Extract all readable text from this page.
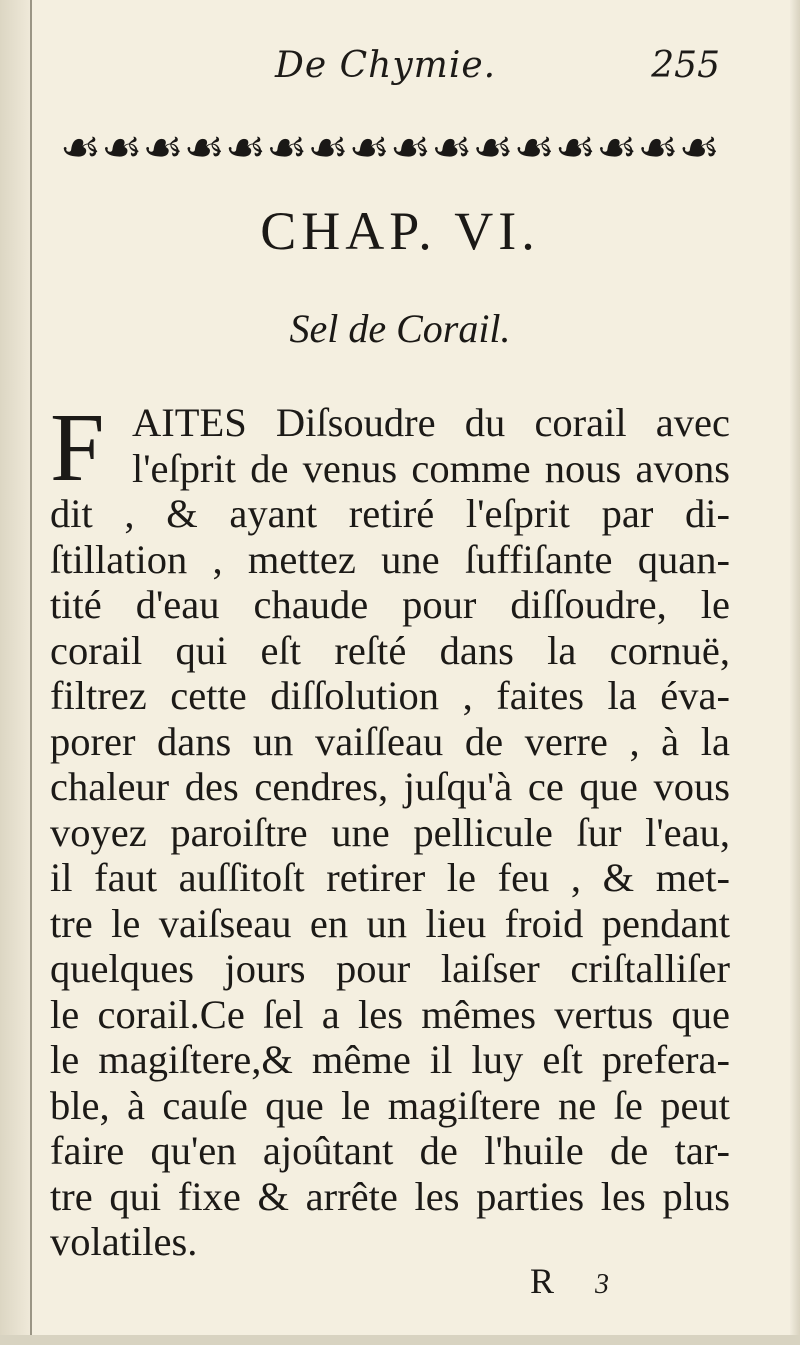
De Chymie.	255
☙ ☙ ☙ ☙ ☙ ☙ ☙ ☙ ☙ ☙ ☙ ☙ ☙ ☙ ☙ ☙
CHAP. VI.
Sel de Corail.
F AITES Diſsoudre du corail avec
l'eſprit de venus comme nous avons
dit , & ayant retiré l'eſprit par di-
ſtillation , mettez une ſuffiſante quan-
tité d'eau chaude pour diſſoudre, le
corail qui eſt reſté dans la cornuë,
filtrez cette diſſolution , faites la éva-
porer dans un vaiſſeau de verre , à la
chaleur des cendres, juſqu'à ce que vous
voyez paroiſtre une pellicule ſur l'eau,
il faut auſſitoſt retirer le feu , & met-
tre le vaiſseau en un lieu froid pendant
quelques jours pour laiſser criſtalliſer
le corail.Ce ſel a les mêmes vertus que
le magiſtere,& même il luy eſt prefera-
ble, à cauſe que le magiſtere ne ſe peut
faire qu'en ajoûtant de l'huile de tar-
tre qui fixe & arrête les parties les plus
volatiles.
R 3
